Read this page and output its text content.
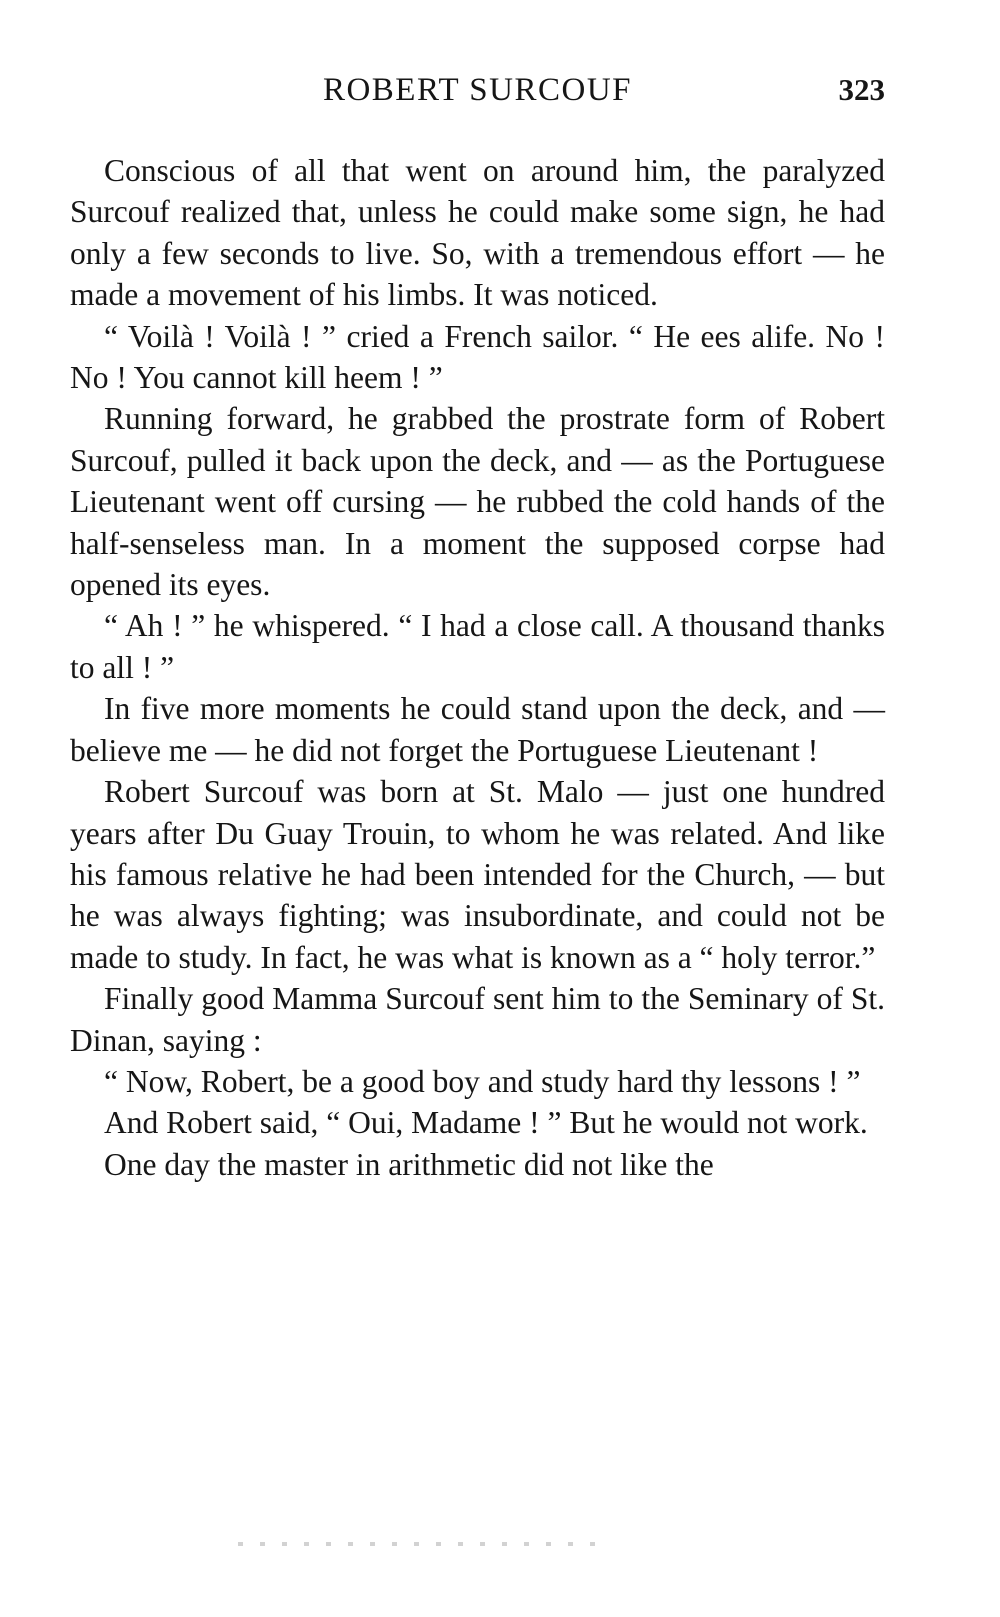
ROBERT SURCOUF	323

Conscious of all that went on around him, the paralyzed Surcouf realized that, unless he could make some sign, he had only a few seconds to live. So, with a tremendous effort — he made a movement of his limbs. It was noticed.

“ Voilà ! Voilà ! ” cried a French sailor. “ He ees alife. No ! No ! You cannot kill heem ! ”

Running forward, he grabbed the prostrate form of Robert Surcouf, pulled it back upon the deck, and — as the Portuguese Lieutenant went off cursing — he rubbed the cold hands of the half-senseless man. In a moment the supposed corpse had opened its eyes.

“ Ah ! ” he whispered. “ I had a close call. A thousand thanks to all ! ”

In five more moments he could stand upon the deck, and — believe me — he did not forget the Portuguese Lieutenant !

Robert Surcouf was born at St. Malo — just one hundred years after Du Guay Trouin, to whom he was related. And like his famous relative he had been intended for the Church, — but he was always fighting; was insubordinate, and could not be made to study. In fact, he was what is known as a “ holy terror.”

Finally good Mamma Surcouf sent him to the Seminary of St. Dinan, saying :

“ Now, Robert, be a good boy and study hard thy lessons ! ”

And Robert said, “ Oui, Madame ! ” But he would not work.

One day the master in arithmetic did not like the
